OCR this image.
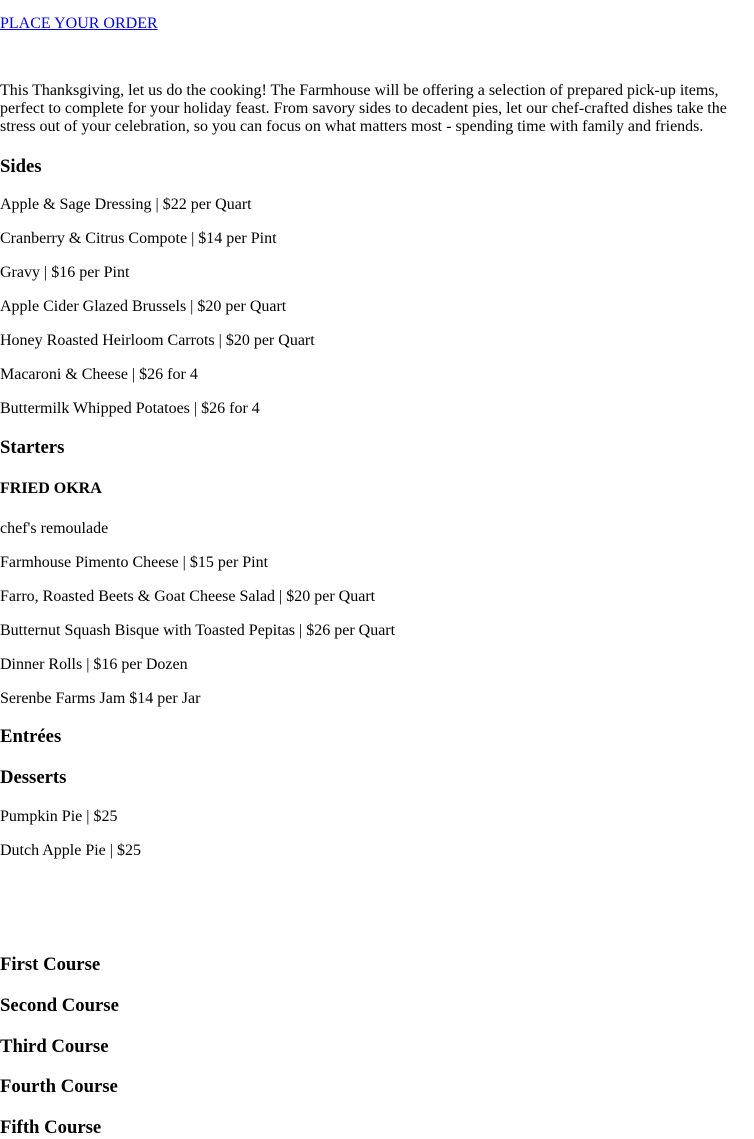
PLACE YOUR ORDER

This Thanksgiving, let us do the cooking! The Farmhouse will be offering a selection of prepared pick-up items, perfect to complete for your holiday feast. From savory sides to decadent pies, let our chef-crafted dishes take the stress out of your celebration, so you can focus on what matters most - spending time with family and friends.

Sides

Apple & Sage Dressing | $22 per Quart

Cranberry & Citrus Compote | $14 per Pint

Gravy | $16 per Pint

Apple Cider Glazed Brussels | $20 per Quart

Honey Roasted Heirloom Carrots | $20 per Quart

Macaroni & Cheese | $26 for 4

Buttermilk Whipped Potatoes | $26 for 4

Starters
FRIED OKRA

chef's remoulade

Farmhouse Pimento Cheese | $15 per Pint

Farro, Roasted Beets & Goat Cheese Salad | $20 per Quart

Butternut Squash Bisque with Toasted Pepitas | $26 per Quart

Dinner Rolls | $16 per Dozen

Serenbe Farms Jam $14 per Jar

Entrées
Desserts

Pumpkin Pie | $25

Dutch Apple Pie | $25

First Course
Second Course
Third Course
Fourth Course
Fifth Course
